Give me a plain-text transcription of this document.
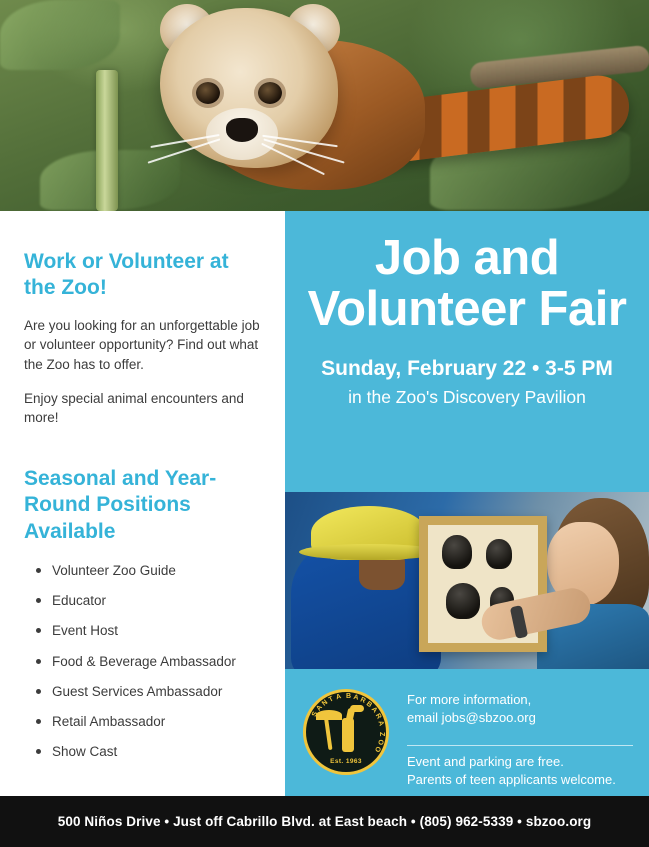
Work or Volunteer at the Zoo!

Are you looking for an unforgettable job or volunteer opportunity? Find out what the Zoo has to offer.

Enjoy special animal encounters and more!

Seasonal and Year-Round Positions Available
Volunteer Zoo Guide
Educator
Event Host
Food & Beverage Ambassador
Guest Services Ambassador
Retail Ambassador
Show Cast
Job and Volunteer Fair

Sunday, February 22 • 3-5 PM

in the Zoo's Discovery Pavilion

S
A
N
T A B A R
B
A
R
A
Z
O
O
Est. 1963
For more information,
email jobs@sbzoo.org
Event and parking are free.
Parents of teen applicants welcome.
500 Niños Drive • Just off Cabrillo Blvd. at East beach • (805) 962-5339 • sbzoo.org
